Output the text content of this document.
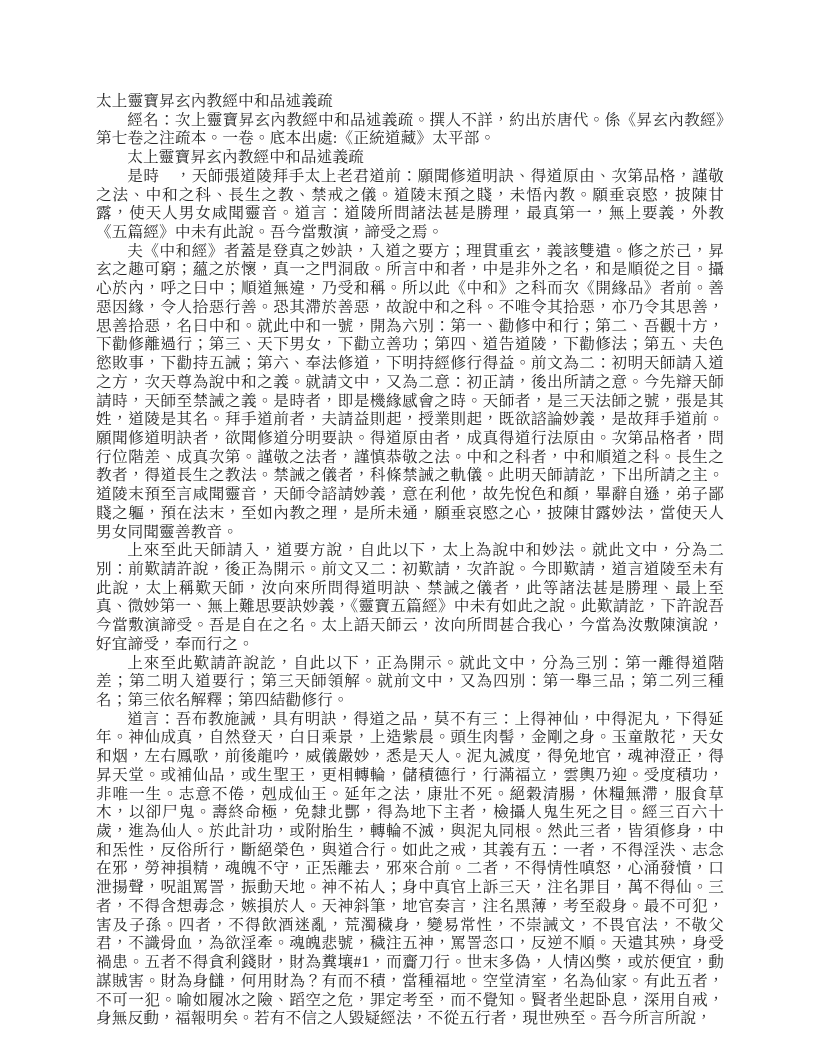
太上靈寶昇玄內教經中和品述義疏

經名：次上靈寶昇玄內教經中和品述義疏。撰人不詳，約出於唐代。係《昇玄內教經》第七卷之注疏本。一卷。底本出處:《正統道藏》太平部。

太上靈寶昇玄內教經中和品述義疏

是時　，天師張道陵拜手太上老君道前：願聞修道明訣、得道原由、次第品格，謹敬之法、中和之科、長生之教、禁戒之儀。道陵末預之賤，未悟內教。願垂哀愍，披陳甘露，使天人男女咸聞靈音。道言：道陵所問諸法甚是勝理，最真第一，無上要義，外教《五篇經》中未有此說。吾今當敷演，諦受之焉。

夫《中和經》者蓋是登真之妙訣，入道之要方；理貫重玄，義該雙遣。修之於己，昇玄之趣可窮；蘊之於懷，真一之門洞啟。所言中和者，中是非外之名，和是順從之目。攝心於內，呼之曰中；順道無違，乃受和稱。所以此《中和》之科而次《開緣品》者前。善惡因緣，令人拾惡行善。恐其滯於善惡，故說中和之科。不唯令其拾惡，亦乃令其思善，思善拾惡，名曰中和。就此中和一號，開為六別：第一、勸修中和行；第二、吾觀十方，下勸修離過行；第三、天下男女，下勸立善功；第四、道告道陵，下勸修法；第五、夫色慾敗事，下勸持五誡；第六、奉法修道，下明持經修行得益。前文為二：初明天師請入道之方，次天尊為說中和之義。就請文中，又為二意：初正請，後出所請之意。今先辯天師請時，天師至禁誡之義。是時者，即是機緣感會之時。天師者，是三天法師之號，張是其姓，道陵是其名。拜手道前者，夫請益則起，授業則起，既欲諮論妙義，是故拜手道前。願聞修道明訣者，欲聞修道分明要訣。得道原由者，成真得道行法原由。次第品格者，問行位階差、成真次第。謹敬之法者，謹慎恭敬之法。中和之科者，中和順道之科。長生之教者，得道長生之教法。禁誡之儀者，科條禁誡之軌儀。此明天師請訖，下出所請之主。道陵末預至言咸聞靈音，天師令諮請妙義，意在利他，故先悅色和顏，畢辭自遜，弟子鄙賤之軀，預在法末，至如內教之理，是所未通，願垂哀愍之心，披陳甘露妙法，當使天人男女同聞靈善教音。

上來至此天師請入，道要方說，自此以下，太上為說中和妙法。就此文中，分為二別：前歎請許說，後正為開示。前文又二：初歎請，次許說。今即歎請，道言道陵至未有此說，太上稱歎天師，汝向來所問得道明訣、禁誡之儀者，此等諸法甚是勝理、最上至真、微妙第一、無上難思要訣妙義，《靈寶五篇經》中未有如此之說。此歎請訖，下許說吾今當敷演諦受。吾是自在之名。太上語天師云，汝向所問甚合我心，今當為汝敷陳演說，好宜諦受，奉而行之。

上來至此歎請許說訖，自此以下，正為開示。就此文中，分為三別：第一離得道階差；第二明入道要行；第三天師領解。就前文中，又為四別：第一舉三品；第二列三種名；第三依名解釋；第四結勸修行。

道言：吾布教施誡，具有明訣，得道之品，莫不有三：上得神仙，中得泥丸，下得延年。神仙成真，自然登天，白日乘景，上造紫晨。頭生肉髻，金剛之身。玉童散花，天女和烟，左右鳳歌，前後龍吟，威儀嚴妙，悉是天人。泥丸滅度，得免地官，魂神澄正，得昇天堂。或補仙品，或生聖王，更相轉輪，儲積德行，行滿福立，雲輿乃迎。受度積功，非唯一生。志意不倦，剋成仙王。延年之法，康壯不死。絕穀清腸，休糧無滯，服食草木，以卻尸鬼。壽終命極，免隸北酆，得為地下主者，檢攝人鬼生死之目。經三百六十歲，進為仙人。於此計功，或附胎生，轉輪不滅，與泥丸同根。然此三者，皆須修身，中和炁性，反俗所行，斷絕榮色，與道合行。如此之戒，其義有五：一者，不得淫泆、志念在邪，勞神損精，魂魄不守，正炁離去，邪來合前。二者，不得情性嗔怒，心涌發憤，口泄揚聲，呪詛罵詈，振動天地。神不祐人；身中真官上訴三天，注名罪目，萬不得仙。三者，不得含想毒念，嫉損於人。天神斜筆，地官奏言，注名黑薄，考至殺身。最不可犯，害及子孫。四者，不得飲酒迷亂，荒濁穢身，變易常性，不崇誡文，不畏官法，不敬父君，不識骨血，為欲淫牽。魂魄悲號，穢注五神，罵詈恣口，反逆不順。天遣其殃，身受禍患。五者不得貪利錢財，財為糞壤#1，而齎刀行。世末多偽，人情凶獘，或於便宜，動謀賊害。財為身讎，何用財為？有而不積，當種福地。空堂清室，名為仙家。有此五者，不可一犯。喻如履冰之險、蹈空之危，罪定考至，而不覺知。賢者坐起卧息，深用自戒，身無反動，福報明矣。若有不信之人毀疑經法，不從五行者，現世殃至。吾今所言所說，
